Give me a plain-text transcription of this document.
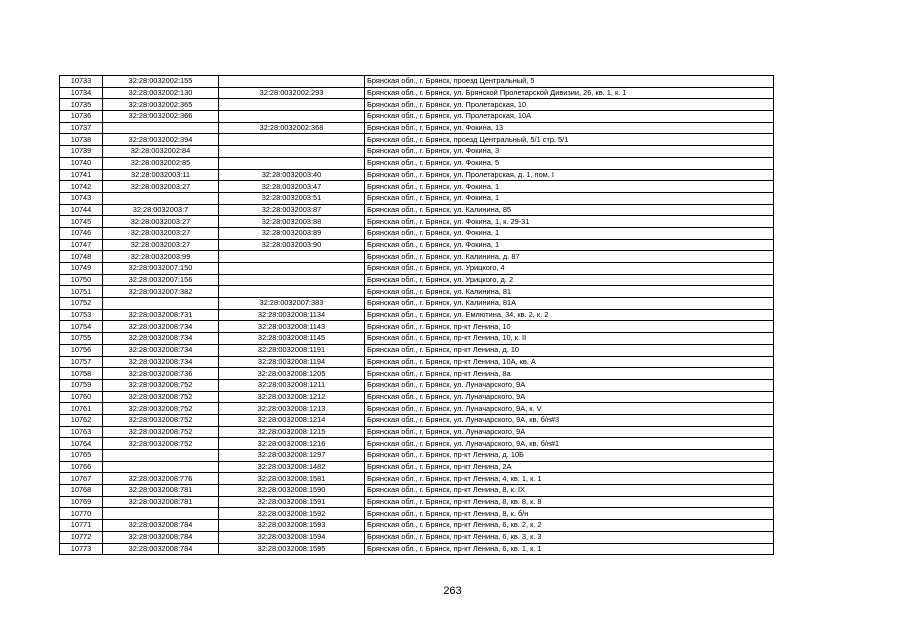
10733	32:28:0032002:155		Брянская обл., г. Брянск, проезд Центральный, 5
10734	32:28:0032002:130	32:28:0032002:293	Брянская обл., г. Брянск, ул. Брянской Пролетарской Дивизии, 26, кв. 1, к. 1
10735	32:28:0032002:365		Брянская обл., г. Брянск, ул. Пролетарская, 10
10736	32:28:0032002:366		Брянская обл., г. Брянск, ул. Пролетарская, 10А
10737		32:28:0032002:368	Брянская обл., г. Брянск, ул. Фокина, 13
10738	32:28:0032002:394		Брянская обл., г. Брянск, проезд Центральный, 5/1 стр. 5/1
10739	32:28:0032002:84		Брянская обл., г. Брянск, ул. Фокина, 3
10740	32:28:0032002:85		Брянская обл., г. Брянск, ул. Фокина, 5
10741	32:28:0032003:11	32:28:0032003:40	Брянская обл., г. Брянск, ул. Пролетарская, д. 1, пом. I
10742	32:28:0032003:27	32:28:0032003:47	Брянская обл., г. Брянск, ул. Фокина, 1
10743		32:28:0032003:51	Брянская обл., г. Брянск, ул. Фокина, 1
10744	32:28:0032003:7	32:28:0032003:87	Брянская обл., г. Брянск, ул. Калинина, 85
10745	32:28:0032003:27	32:28:0032003:88	Брянская обл., г. Брянск, ул. Фокина, 1, к. 29-31
10746	32:28:0032003:27	32:28:0032003:89	Брянская обл., г. Брянск, ул. Фокина, 1
10747	32:28:0032003:27	32:28:0032003:90	Брянская обл., г. Брянск, ул. Фокина, 1
10748	32:28:0032003:99		Брянская обл., г. Брянск, ул. Калинина, д. 87
10749	32:28:0032007:150		Брянская обл., г. Брянск, ул. Урицкого, 4
10750	32:28:0032007:156		Брянская обл., г. Брянск, ул. Урицкого, д. 2
10751	32:28:0032007:382		Брянская обл., г. Брянск, ул. Калинина, 81
10752		32:28:0032007:383	Брянская обл., г. Брянск, ул. Калинина, 81А
10753	32:28:0032008:731	32:28:0032008:1134	Брянская обл., г. Брянск, ул. Емлютина, 34, кв. 2, к. 2
10754	32:28:0032008:734	32:28:0032008:1143	Брянская обл., г. Брянск, пр-кт Ленина, 10
10755	32:28:0032008:734	32:28:0032008:1145	Брянская обл., г. Брянск, пр-кт Ленина, 10, к. II
10756	32:28:0032008:734	32:28:0032008:1191	Брянская обл., г. Брянск, пр-кт Ленина, д. 10
10757	32:28:0032008:734	32:28:0032008:1194	Брянская обл., г. Брянск, пр-кт Ленина, 10А, кв. А
10758	32:28:0032008:736	32:28:0032008:1205	Брянская обл., г. Брянск, пр-кт Ленина, 8а
10759	32:28:0032008:752	32:28:0032008:1211	Брянская обл., г. Брянск, ул. Луначарского, 9А
10760	32:28:0032008:752	32:28:0032008:1212	Брянская обл., г. Брянск, ул. Луначарского, 9А
10761	32:28:0032008:752	32:28:0032008:1213	Брянская обл., г. Брянск, ул. Луначарского, 9А, к. V
10762	32:28:0032008:752	32:28:0032008:1214	Брянская обл., г. Брянск, ул. Луначарского, 9А, кв. б/н#3
10763	32:28:0032008:752	32:28:0032008:1215	Брянская обл., г. Брянск, ул. Луначарского, 9А
10764	32:28:0032008:752	32:28:0032008:1216	Брянская обл., г. Брянск, ул. Луначарского, 9А, кв. б/н#1
10765		32:28:0032008:1297	Брянская обл., г. Брянск, пр-кт Ленина, д. 10Б
10766		32:28:0032008:1482	Брянская обл., г. Брянск, пр-кт Ленина, 2А
10767	32:28:0032008:776	32:28:0032008:1581	Брянская обл., г. Брянск, пр-кт Ленина, 4, кв. 1, к. 1
10768	32:28:0032008:781	32:28:0032008:1590	Брянская обл., г. Брянск, пр-кт Ленина, 8, к. IX
10769	32:28:0032008:781	32:28:0032008:1591	Брянская обл., г. Брянск, пр-кт Ленина, 8, кв. 8, к. 8
10770		32:28:0032008:1592	Брянская обл., г. Брянск, пр-кт Ленина, 8, к. б/н
10771	32:28:0032008:784	32:28:0032008:1593	Брянская обл., г. Брянск, пр-кт Ленина, 6, кв. 2, к. 2
10772	32:28:0032008:784	32:28:0032008:1594	Брянская обл., г. Брянск, пр-кт Ленина, 6, кв. 3, к. 3
10773	32:28:0032008:784	32:28:0032008:1595	Брянская обл., г. Брянск, пр-кт Ленина, 6, кв. 1, к. 1
263
